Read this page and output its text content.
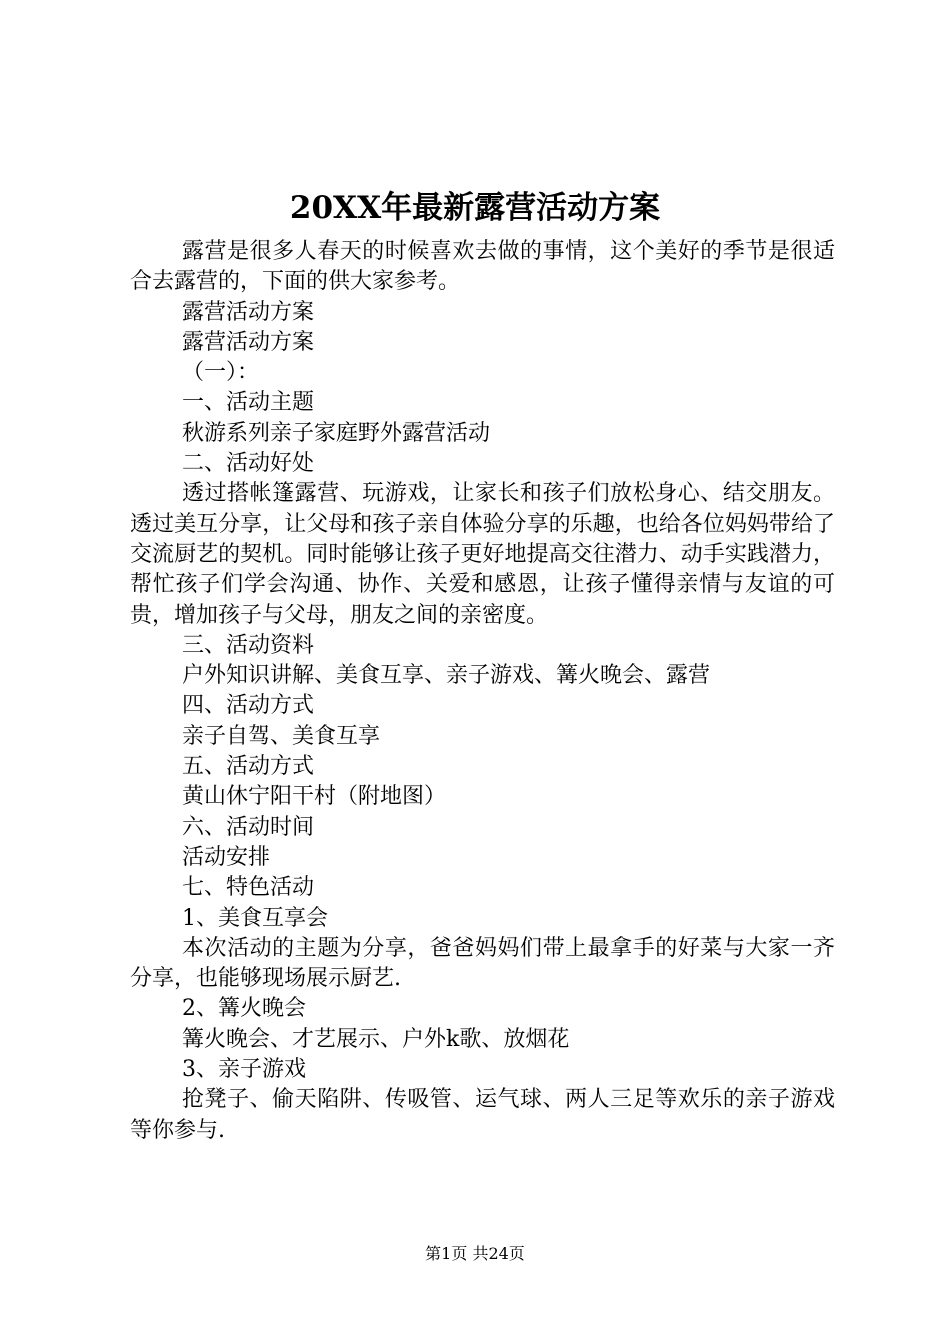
20XX年最新露营活动方案

露营是很多人春天的时候喜欢去做的事情，这个美好的季节是很适合去露营的，下面的供大家参考。

露营活动方案

露营活动方案

（一）：

一、活动主题

秋游系列亲子家庭野外露营活动

二、活动好处

透过搭帐篷露营、玩游戏，让家长和孩子们放松身心、结交朋友。透过美互分享，让父母和孩子亲自体验分享的乐趣，也给各位妈妈带给了交流厨艺的契机。同时能够让孩子更好地提高交往潜力、动手实践潜力，帮忙孩子们学会沟通、协作、关爱和感恩，让孩子懂得亲情与友谊的可贵，增加孩子与父母，朋友之间的亲密度。

三、活动资料

户外知识讲解、美食互享、亲子游戏、篝火晚会、露营

四、活动方式

亲子自驾、美食互享

五、活动方式

黄山休宁阳干村（附地图）

六、活动时间

活动安排

七、特色活动

1、美食互享会

本次活动的主题为分享，爸爸妈妈们带上最拿手的好菜与大家一齐分享，也能够现场展示厨艺.

2、篝火晚会

篝火晚会、才艺展示、户外k歌、放烟花

3、亲子游戏

抢凳子、偷天陷阱、传吸管、运气球、两人三足等欢乐的亲子游戏等你参与.

第1页 共24页
